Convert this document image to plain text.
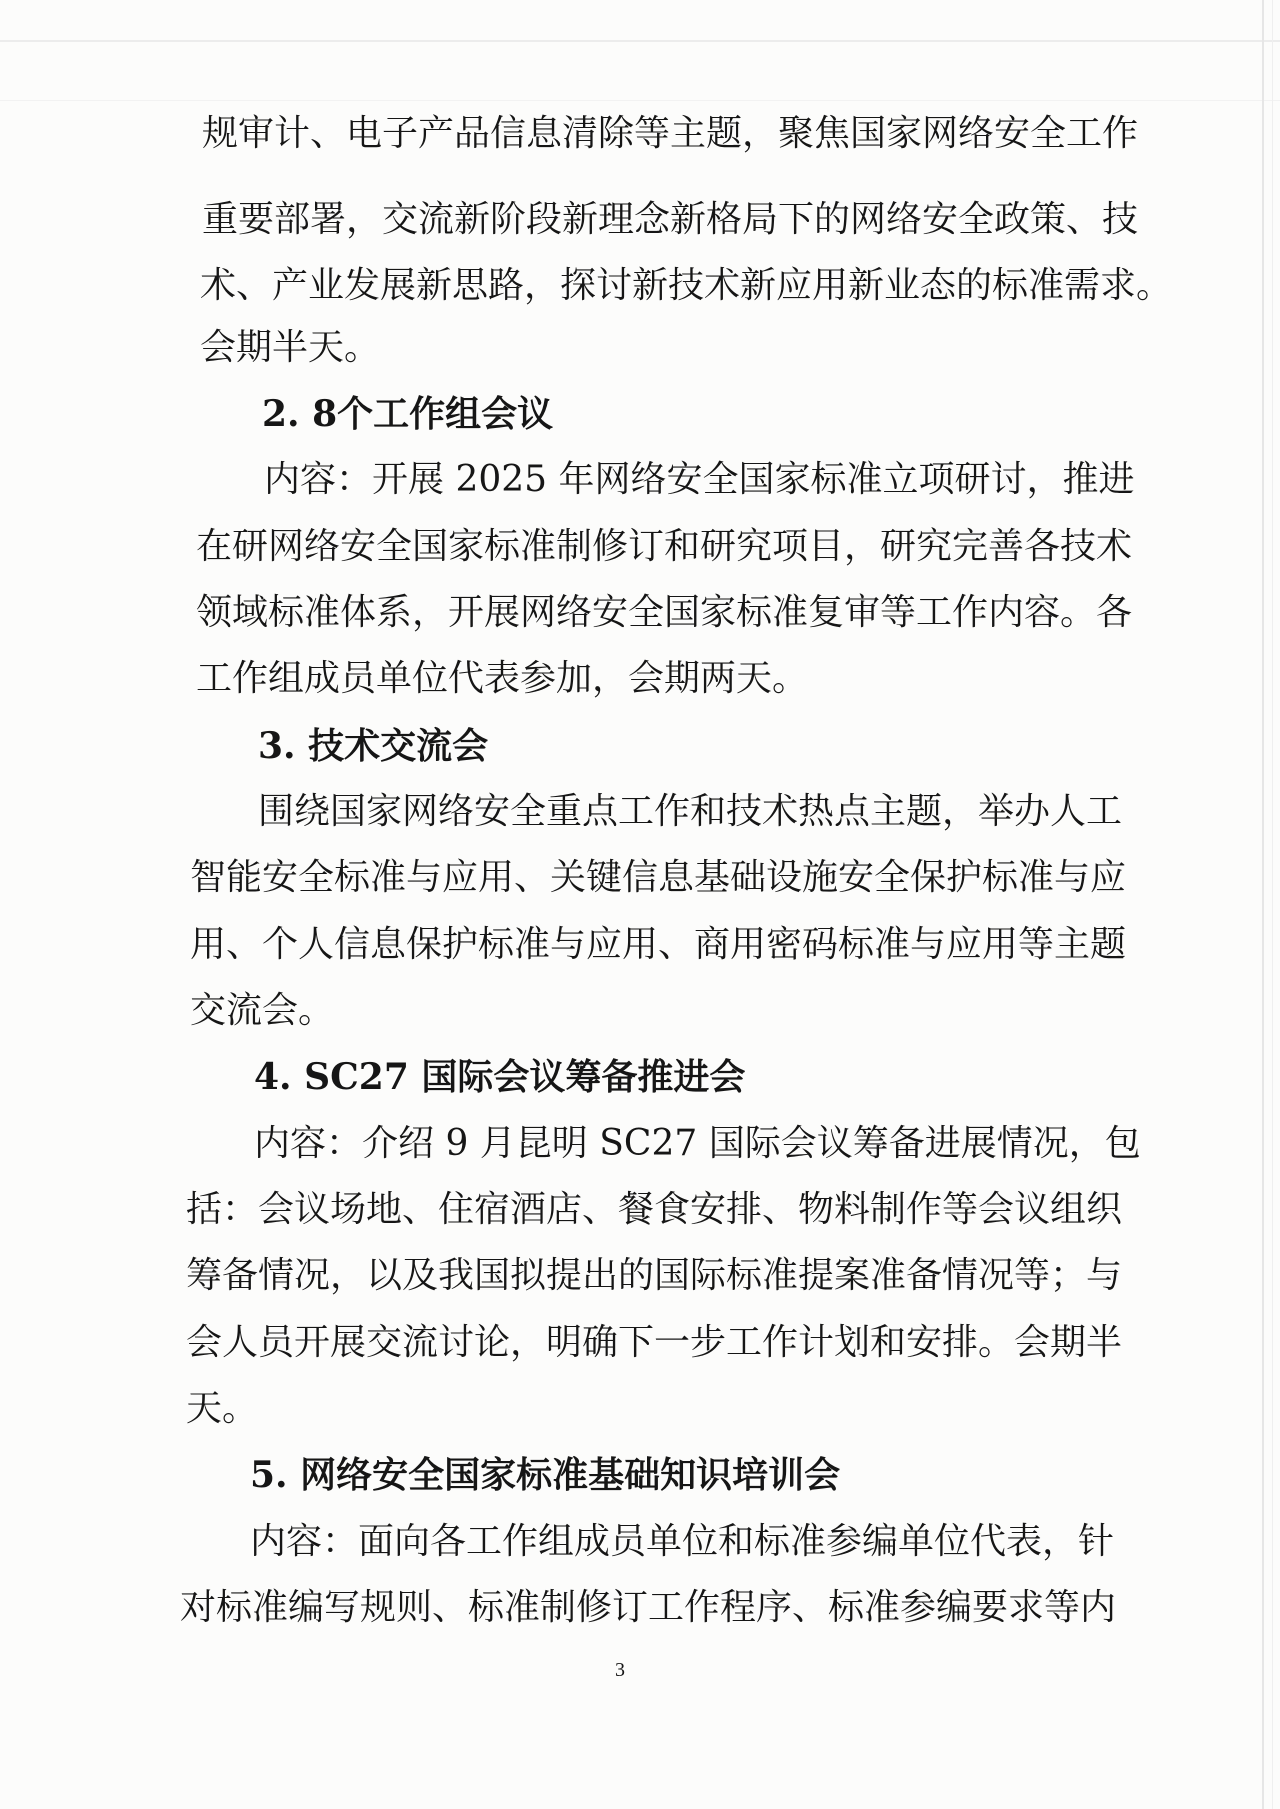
规审计、电子产品信息清除等主题，聚焦国家网络安全工作
重要部署，交流新阶段新理念新格局下的网络安全政策、技
术、产业发展新思路，探讨新技术新应用新业态的标准需求。
会期半天。
2. 8个工作组会议
内容：开展 2025 年网络安全国家标准立项研讨，推进
在研网络安全国家标准制修订和研究项目，研究完善各技术
领域标准体系，开展网络安全国家标准复审等工作内容。各
工作组成员单位代表参加，会期两天。
3. 技术交流会
围绕国家网络安全重点工作和技术热点主题，举办人工
智能安全标准与应用、关键信息基础设施安全保护标准与应
用、个人信息保护标准与应用、商用密码标准与应用等主题
交流会。
4. SC27 国际会议筹备推进会
内容：介绍 9 月昆明 SC27 国际会议筹备进展情况，包
括：会议场地、住宿酒店、餐食安排、物料制作等会议组织
筹备情况，以及我国拟提出的国际标准提案准备情况等；与
会人员开展交流讨论，明确下一步工作计划和安排。会期半
天。
5. 网络安全国家标准基础知识培训会
内容：面向各工作组成员单位和标准参编单位代表，针
对标准编写规则、标准制修订工作程序、标准参编要求等内
3
